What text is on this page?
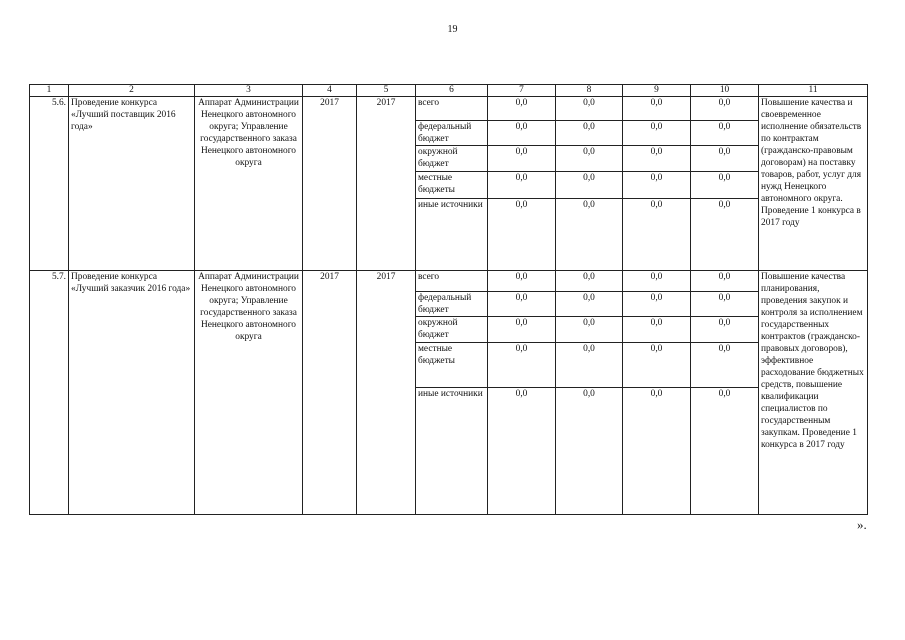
19
1	2	3	4	5	6	7	8	9	10	11
5.6.	Проведение конкурса «Лучший поставщик 2016 года»	Аппарат Администрации Ненецкого автономного округа; Управление государственного заказа Ненецкого автономного округа	2017	2017	всего	0,0	0,0	0,0	0,0	Повышение качества и своевременное исполнение обязательств по контрактам (гражданско-правовым договорам) на поставку товаров, работ, услуг для нужд Ненецкого автономного округа. Проведение 1 конкурса в 2017 году
					федеральный бюджет	0,0	0,0	0,0	0,0	
					окружной бюджет	0,0	0,0	0,0	0,0	
					местные бюджеты	0,0	0,0	0,0	0,0	
					иные источники	0,0	0,0	0,0	0,0	
5.7.	Проведение конкурса «Лучший заказчик 2016 года»	Аппарат Администрации Ненецкого автономного округа; Управление государственного заказа Ненецкого автономного округа	2017	2017	всего	0,0	0,0	0,0	0,0	Повышение качества планирования, проведения закупок и контроля за исполнением государственных контрактов (гражданско-правовых договоров), эффективное расходование бюджетных средств, повышение квалификации специалистов по государственным закупкам. Проведение 1 конкурса в 2017 году
					федеральный бюджет	0,0	0,0	0,0	0,0	
					окружной бюджет	0,0	0,0	0,0	0,0	
					местные бюджеты	0,0	0,0	0,0	0,0	
					иные источники	0,0	0,0	0,0	0,0	
».
